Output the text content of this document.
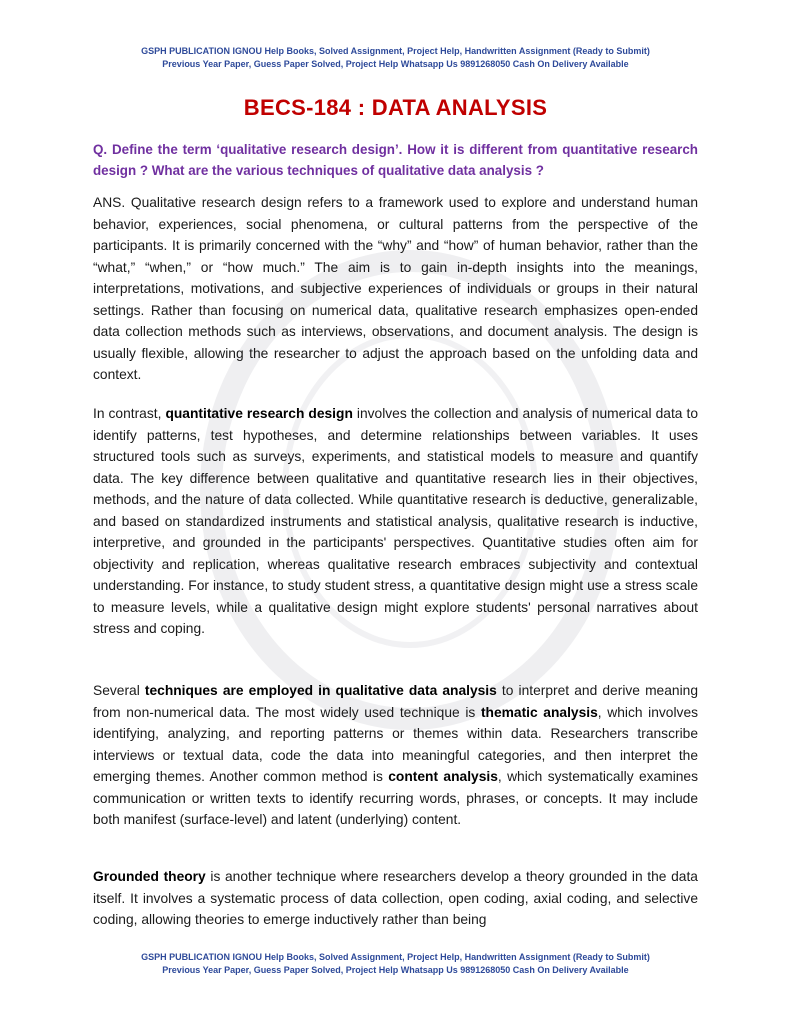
GSPH PUBLICATION IGNOU Help Books, Solved Assignment, Project Help, Handwritten Assignment (Ready to Submit)
Previous Year Paper, Guess Paper Solved, Project Help Whatsapp Us 9891268050 Cash On Delivery Available
BECS-184 : DATA ANALYSIS
Q. Define the term ‘qualitative research design’. How it is different from quantitative research design ? What are the various techniques of qualitative data analysis ?

ANS. Qualitative research design refers to a framework used to explore and understand human behavior, experiences, social phenomena, or cultural patterns from the perspective of the participants. It is primarily concerned with the “why” and “how” of human behavior, rather than the “what,” “when,” or “how much.” The aim is to gain in-depth insights into the meanings, interpretations, motivations, and subjective experiences of individuals or groups in their natural settings. Rather than focusing on numerical data, qualitative research emphasizes open-ended data collection methods such as interviews, observations, and document analysis. The design is usually flexible, allowing the researcher to adjust the approach based on the unfolding data and context.

In contrast, quantitative research design involves the collection and analysis of numerical data to identify patterns, test hypotheses, and determine relationships between variables. It uses structured tools such as surveys, experiments, and statistical models to measure and quantify data. The key difference between qualitative and quantitative research lies in their objectives, methods, and the nature of data collected. While quantitative research is deductive, generalizable, and based on standardized instruments and statistical analysis, qualitative research is inductive, interpretive, and grounded in the participants' perspectives. Quantitative studies often aim for objectivity and replication, whereas qualitative research embraces subjectivity and contextual understanding. For instance, to study student stress, a quantitative design might use a stress scale to measure levels, while a qualitative design might explore students' personal narratives about stress and coping.

Several techniques are employed in qualitative data analysis to interpret and derive meaning from non-numerical data. The most widely used technique is thematic analysis, which involves identifying, analyzing, and reporting patterns or themes within data. Researchers transcribe interviews or textual data, code the data into meaningful categories, and then interpret the emerging themes. Another common method is content analysis, which systematically examines communication or written texts to identify recurring words, phrases, or concepts. It may include both manifest (surface-level) and latent (underlying) content.

Grounded theory is another technique where researchers develop a theory grounded in the data itself. It involves a systematic process of data collection, open coding, axial coding, and selective coding, allowing theories to emerge inductively rather than being

GSPH PUBLICATION IGNOU Help Books, Solved Assignment, Project Help, Handwritten Assignment (Ready to Submit)
Previous Year Paper, Guess Paper Solved, Project Help Whatsapp Us 9891268050 Cash On Delivery Available
